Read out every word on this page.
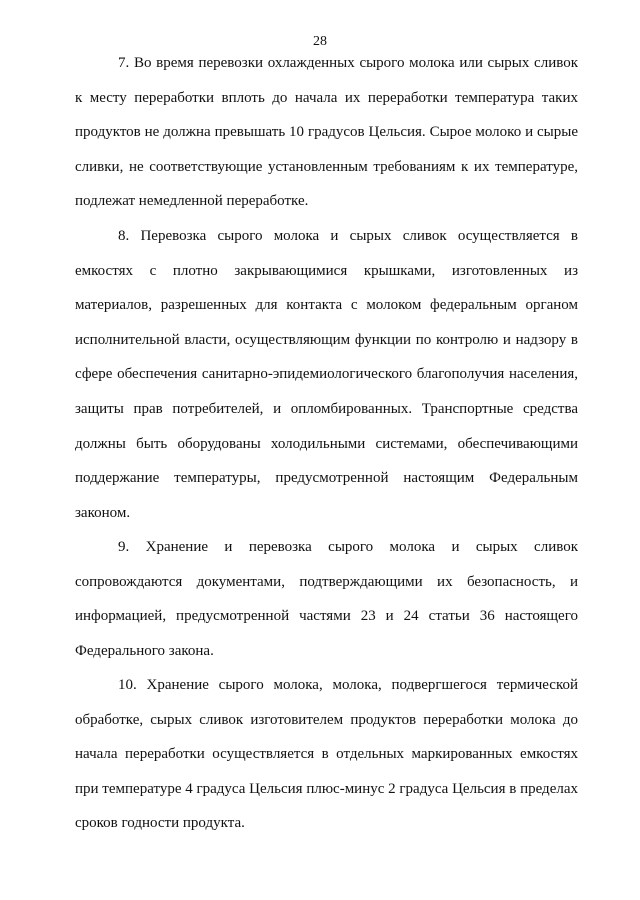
28

7. Во время перевозки охлажденных сырого молока или сырых сливок к месту переработки вплоть до начала их переработки температура таких продуктов не должна превышать 10 градусов Цельсия. Сырое молоко и сырые сливки, не соответствующие установленным требованиям к их температуре, подлежат немедленной переработке.

8. Перевозка сырого молока и сырых сливок осуществляется в емкостях с плотно закрывающимися крышками, изготовленных из материалов, разрешенных для контакта с молоком федеральным органом исполнительной власти, осуществляющим функции по контролю и надзору в сфере обеспечения санитарно-эпидемиологического благополучия населения, защиты прав потребителей, и опломбированных. Транспортные средства должны быть оборудованы холодильными системами, обеспечивающими поддержание температуры, предусмотренной настоящим Федеральным законом.

9. Хранение и перевозка сырого молока и сырых сливок сопровождаются документами, подтверждающими их безопасность, и информацией, предусмотренной частями 23 и 24 статьи 36 настоящего Федерального закона.

10. Хранение сырого молока, молока, подвергшегося термической обработке, сырых сливок изготовителем продуктов переработки молока до начала переработки осуществляется в отдельных маркированных емкостях при температуре 4 градуса Цельсия плюс-минус 2 градуса Цельсия в пределах сроков годности продукта.
